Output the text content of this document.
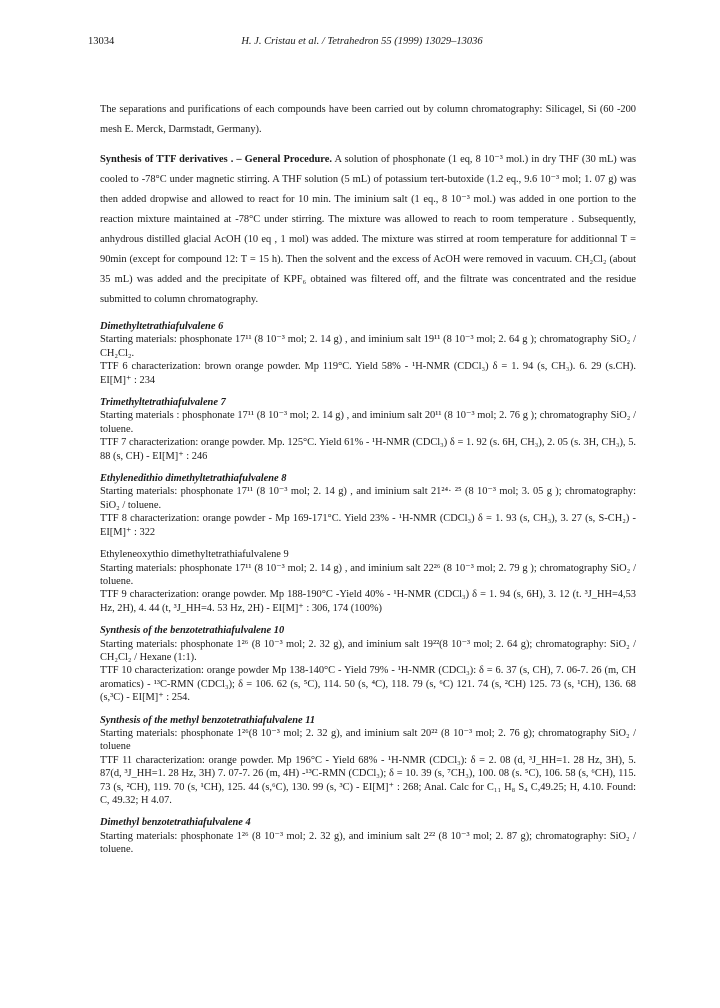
13034	H. J. Cristau et al. / Tetrahedron 55 (1999) 13029–13036

The separations and purifications of each compounds have been carried out by column chromatography: Silicagel, Si (60 -200 mesh E. Merck, Darmstadt, Germany).

Synthesis of TTF derivatives . – General Procedure. A solution of phosphonate (1 eq, 8 10⁻³ mol.) in dry THF (30 mL) was cooled to -78°C under magnetic stirring. A THF solution (5 mL) of potassium tert-butoxide (1.2 eq., 9.6 10⁻³ mol; 1. 07 g) was then added dropwise and allowed to react for 10 min. The iminium salt (1 eq., 8 10⁻³ mol.) was added in one portion to the reaction mixture maintained at -78°C under stirring. The mixture was allowed to reach to room temperature . Subsequently, anhydrous distilled glacial AcOH (10 eq , 1 mol) was added. The mixture was stirred at room temperature for additionnal T = 90min (except for compound 12: T = 15 h). Then the solvent and the excess of AcOH were removed in vacuum. CH₂Cl₂ (about 35 mL) was added and the precipitate of KPF₆ obtained was filtered off, and the filtrate was concentrated and the residue submitted to column chromatography.

Dimethyltetrathiafulvalene 6

Starting materials: phosphonate 17¹¹ (8 10⁻³ mol; 2. 14 g) , and iminium salt 19¹¹ (8 10⁻³ mol; 2. 64 g ); chromatography SiO₂ / CH₂Cl₂.

TTF 6 characterization: brown orange powder. Mp 119°C. Yield 58% - ¹H-NMR (CDCl₃) δ = 1. 94 (s, CH₃). 6. 29 (s.CH). EI[M]⁺ : 234

Trimethyltetrathiafulvalene 7

Starting materials : phosphonate 17¹¹ (8 10⁻³ mol; 2. 14 g) , and iminium salt 20¹¹ (8 10⁻³ mol; 2. 76 g ); chromatography SiO₂ / toluene.

TTF 7 characterization: orange powder. Mp. 125°C. Yield 61% - ¹H-NMR (CDCl₃) δ = 1. 92 (s. 6H, CH₃), 2. 05 (s. 3H, CH₃), 5. 88 (s, CH) - EI[M]⁺ : 246

Ethylenedithio dimethyltetrathiafulvalene 8

Starting materials: phosphonate 17¹¹ (8 10⁻³ mol; 2. 14 g) , and iminium salt 21²⁴· ²⁵ (8 10⁻³ mol; 3. 05 g ); chromatography: SiO₂ / toluene.

TTF 8 characterization: orange powder - Mp 169-171°C. Yield 23% - ¹H-NMR (CDCl₃) δ = 1. 93 (s, CH₃), 3. 27 (s, S-CH₂) - EI[M]⁺ : 322

Ethyleneoxythio dimethyltetrathiafulvalene 9

Starting materials: phosphonate 17¹¹ (8 10⁻³ mol; 2. 14 g) , and iminium salt 22²⁶ (8 10⁻³ mol; 2. 79 g ); chromatography SiO₂ / toluene.

TTF 9 characterization: orange powder. Mp 188-190°C -Yield 40% - ¹H-NMR (CDCl₃) δ = 1. 94 (s, 6H), 3. 12 (t. ³J_HH=4,53 Hz, 2H), 4. 44 (t, ³J_HH=4. 53 Hz, 2H) - EI[M]⁺ : 306, 174 (100%)

Synthesis of the benzotetrathiafulvalene 10

Starting materials: phosphonate 1²⁶ (8 10⁻³ mol; 2. 32 g), and iminium salt 19²²(8 10⁻³ mol; 2. 64 g); chromatography: SiO₂ / CH₂Cl₂ / Hexane (1:1).

TTF 10 characterization: orange powder Mp 138-140°C - Yield 79% - ¹H-NMR (CDCl₃): δ = 6. 37 (s, CH), 7. 06-7. 26 (m, CH aromatics) - ¹³C-RMN (CDCl₃); δ = 106. 62 (s, ⁵C), 114. 50 (s, ⁴C), 118. 79 (s, ⁶C) 121. 74 (s, ²CH) 125. 73 (s, ¹CH), 136. 68 (s,³C) - EI[M]⁺ : 254.

Synthesis of the methyl benzotetrathiafulvalene 11

Starting materials: phosphonate 1²⁶(8 10⁻³ mol; 2. 32 g), and iminium salt 20²² (8 10⁻³ mol; 2. 76 g); chromatography SiO₂ / toluene

TTF 11 characterization: orange powder. Mp 196°C - Yield 68% - ¹H-NMR (CDCl₃): δ = 2. 08 (d, ³J_HH=1. 28 Hz, 3H), 5. 87(d, ³J_HH=1. 28 Hz, 3H) 7. 07-7. 26 (m, 4H) -¹³C-RMN (CDCl₃); δ = 10. 39 (s, ⁷CH₃), 100. 08 (s. ⁵C), 106. 58 (s, ⁶CH), 115. 73 (s, ²CH), 119. 70 (s, ¹CH), 125. 44 (s,⁶C), 130. 99 (s, ³C) - EI[M]⁺ : 268; Anal. Calc for C₁₁ H₈ S₄ C,49.25; H, 4.10. Found: C, 49.32; H 4.07.

Dimethyl benzotetrathiafulvalene 4

Starting materials: phosphonate 1²⁶ (8 10⁻³ mol; 2. 32 g), and iminium salt 2²² (8 10⁻³ mol; 2. 87 g); chromatography: SiO₂ / toluene.
